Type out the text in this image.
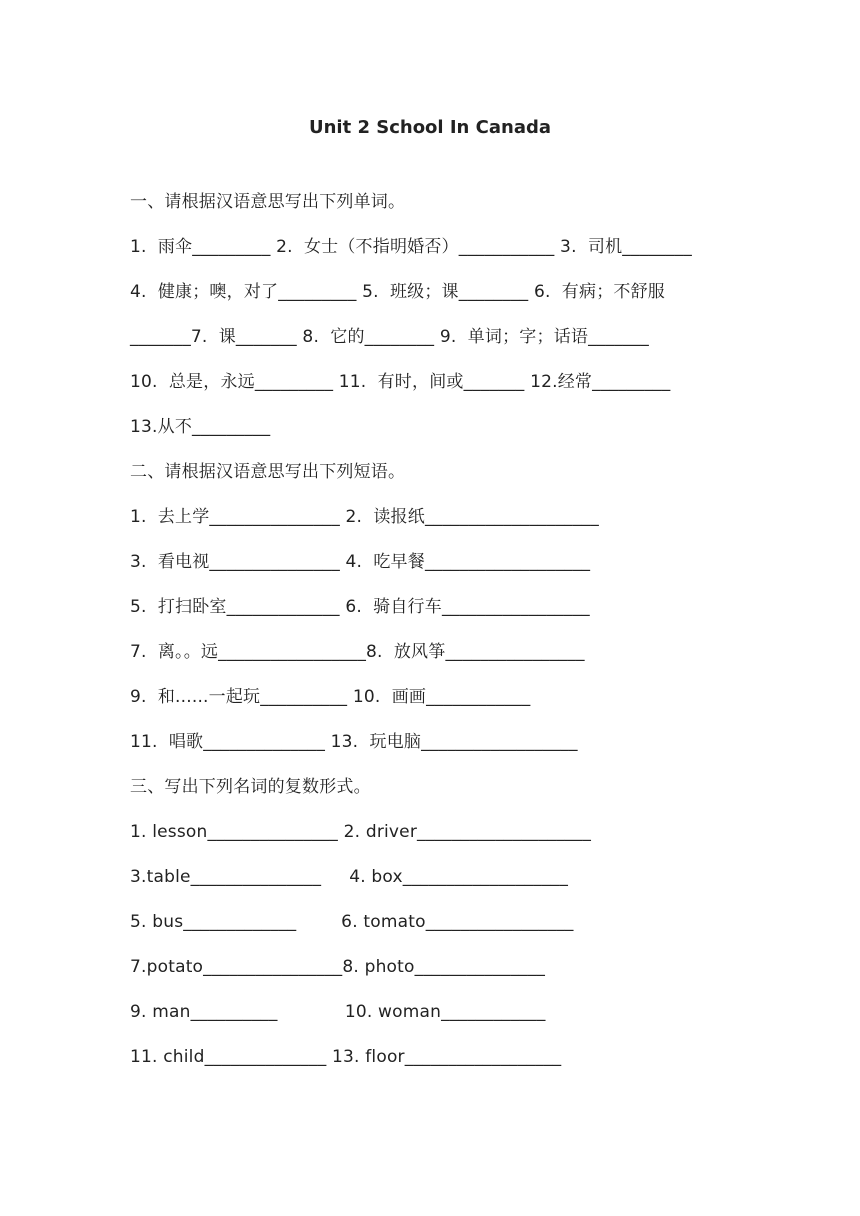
Unit 2 School In Canada
一、请根据汉语意思写出下列单词。
1.  雨伞_________ 2.  女士（不指明婚否）___________ 3.  司机________
4.  健康；噢，对了_________ 5.  班级；课________ 6.  有病；不舒服
_______7.  课_______ 8.  它的________ 9.  单词；字；话语_______
10.  总是，永远_________ 11.  有时，间或_______ 12.经常_________
13.从不_________
二、请根据汉语意思写出下列短语。
1.  去上学_______________ 2.  读报纸____________________
3.  看电视_______________ 4.  吃早餐___________________
5.  打扫卧室_____________ 6.  骑自行车_________________
7.  离。。远_________________8.  放风筝________________
9.  和......一起玩__________ 10.  画画____________
11.  唱歌______________ 13.  玩电脑__________________
三、写出下列名词的复数形式。
1. lesson_______________ 2. driver____________________
3.table_______________     4. box___________________
5. bus_____________        6. tomato_________________
7.potato________________8. photo_______________
9. man__________            10. woman____________
11. child______________ 13. floor__________________
